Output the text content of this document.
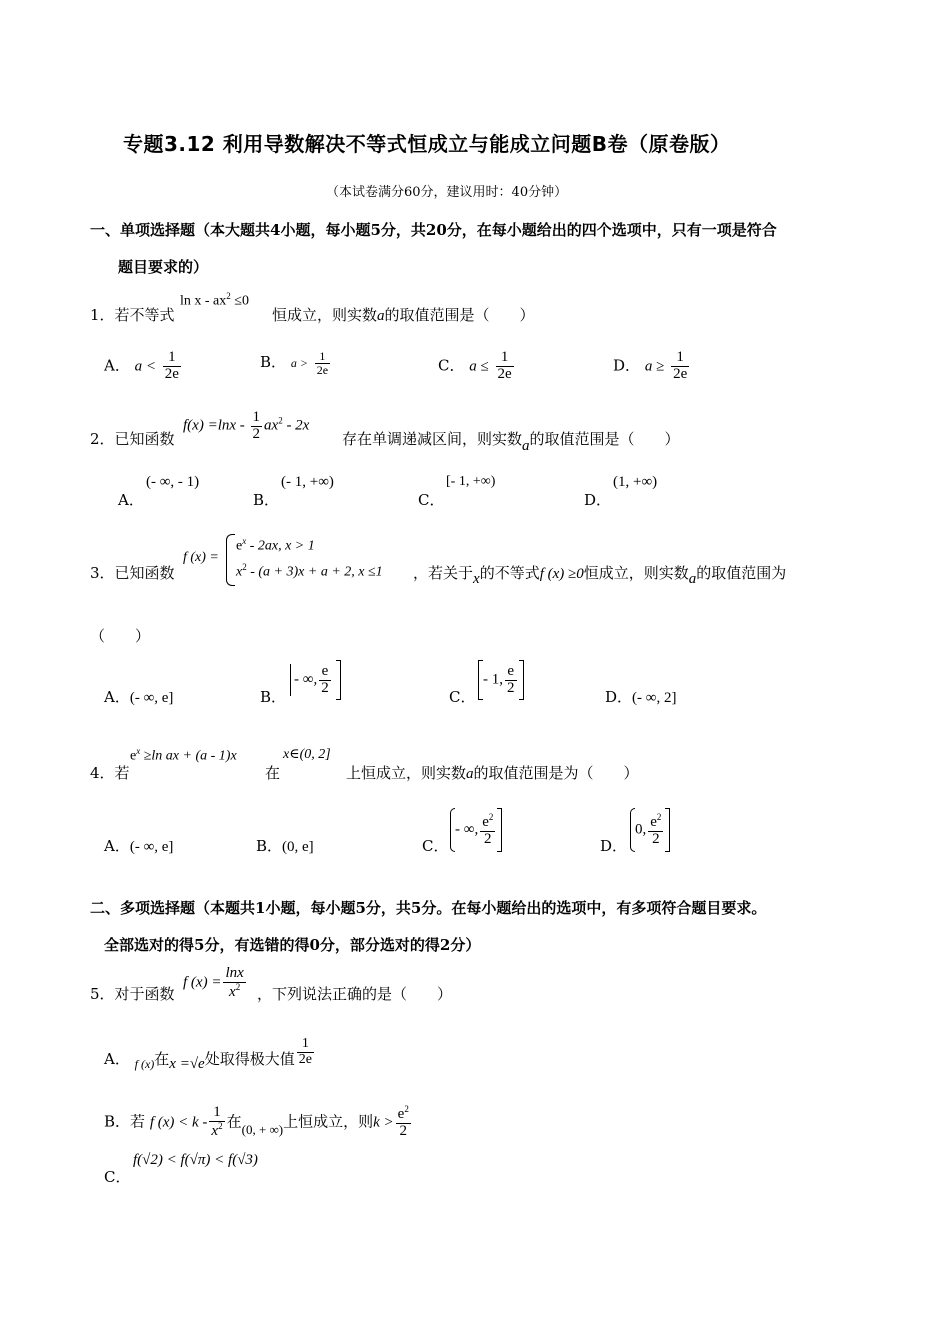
专题3.12 利用导数解决不等式恒成立与能成立问题B卷（原卷版）
（本试卷满分60分，建议用时：40分钟）
一、单项选择题（本大题共4小题，每小题5分，共20分，在每小题给出的四个选项中，只有一项是符合
题目要求的）
1．若不等式
$\ln x - ax^2 \le 0$
恒成立，则实数a的取值范围是（　　）
A． $a < \frac{1}{2e}$	B． $a > \frac{1}{2e}$	C． $a \le \frac{1}{2e}$	D． $a \ge \frac{1}{2e}$
2．已知函数
$f(x) =\ln x - \frac{1}{2} ax^2 - 2x$
存在单调递减区间，则实数a的取值范围是（　　）
A．
(- ∞, - 1)
B．
(- 1, +∞)
C．
[- 1, +∞)
D．
(1, +∞)
3．已知函数
f (x) =
$e^x - 2ax$, x > 1
$x^2 - (a + 3)x + a + 2$, x ≤1 ，若关于x的不等式f (x) ≥0恒成立，则实数a的取值范围为
（　　）
A．(- ∞, e]	B．
- ∞, $\frac{e}{2}$
C．
- 1, $\frac{e}{2}$
D．(- ∞, 2]
4．若
$e^x \ge\ln$ ax + (a - 1)x
在
x∈(0, 2]
上恒成立，则实数a的取值范围是为（　　）
A．(- ∞, e]	B．(0, e]	C．
- ∞, $\frac{e^2}{2}$	D．
0, $\frac{e^2}{2}$
二、多项选择题（本题共1小题，每小题5分，共5分。在每小题给出的选项中，有多项符合题目要求。
全部选对的得5分，有选错的得0分，部分选对的得2分）
5．对于函数
f $(x) = \frac{\ln x}{x^2}$ ，下列说法正确的是（　　）
A． $_{f (x)}$在x =√e处取得极大值 $\frac{1}{2e}$
B．若 f $(x) < k - \frac{1}{x^2}$ 在(0, + ∞)上恒成立，则$k > \frac{e^2}{2}$
C．
f(√2) < f(√π) < f(√3)
